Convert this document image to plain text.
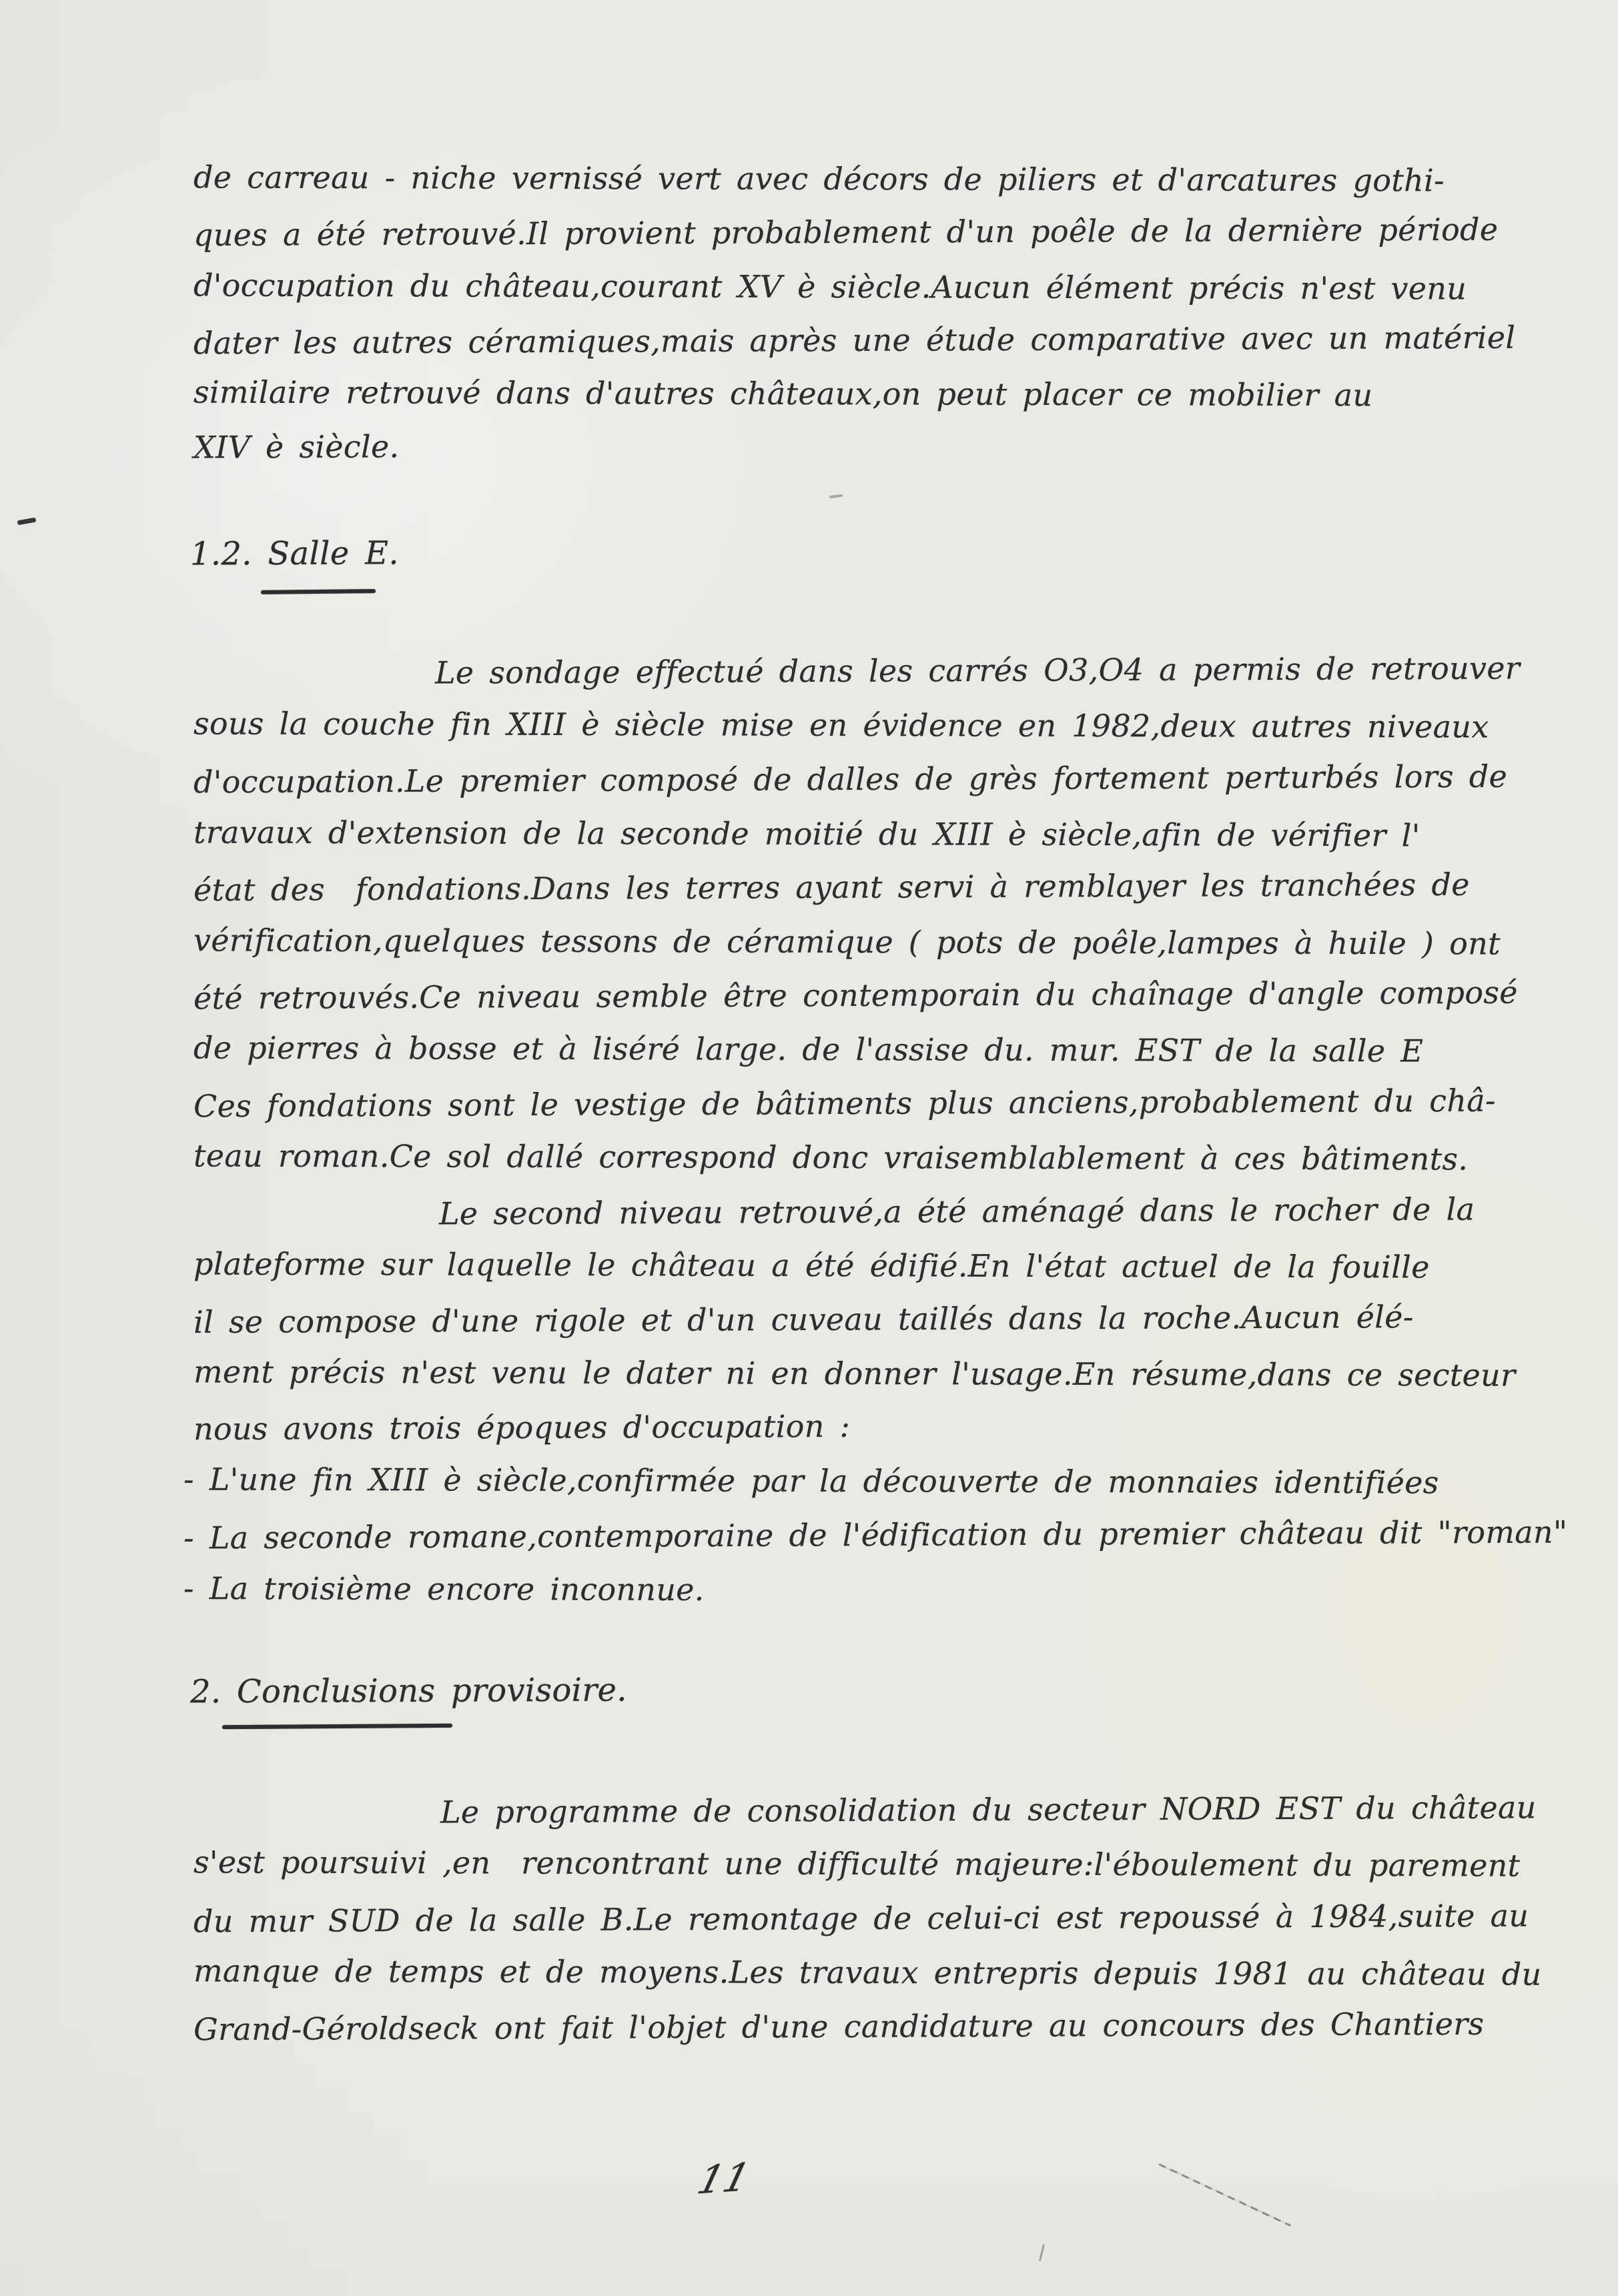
de carreau - niche vernissé vert avec décors de piliers et d'arcatures gothi-
ques a été retrouvé.Il provient probablement d'un poêle de la dernière période
d'occupation du château,courant XV è siècle.Aucun élément précis n'est venu
dater les autres céramiques,mais après une étude comparative avec un matériel
similaire retrouvé dans d'autres châteaux,on peut placer ce mobilier au
XIV è siècle.
1.2. Salle E.
Le sondage effectué dans les carrés O3,O4 a permis de retrouver
sous la couche fin XIII è siècle mise en évidence en 1982,deux autres niveaux
d'occupation.Le premier composé de dalles de grès fortement perturbés lors de
travaux d'extension de la seconde moitié du XIII è siècle,afin de vérifier l'
état des  fondations.Dans les terres ayant servi à remblayer les tranchées de
vérification,quelques tessons de céramique ( pots de poêle,lampes à huile ) ont
été retrouvés.Ce niveau semble être contemporain du chaînage d'angle composé
de pierres à bosse et à liséré large. de l'assise du. mur. EST de la salle E
Ces fondations sont le vestige de bâtiments plus anciens,probablement du châ-
teau roman.Ce sol dallé correspond donc vraisemblablement à ces bâtiments.
Le second niveau retrouvé,a été aménagé dans le rocher de la
plateforme sur laquelle le château a été édifié.En l'état actuel de la fouille
il se compose d'une rigole et d'un cuveau taillés dans la roche.Aucun élé-
ment précis n'est venu le dater ni en donner l'usage.En résume,dans ce secteur
nous avons trois époques d'occupation :
- L'une fin XIII è siècle,confirmée par la découverte de monnaies identifiées
- La seconde romane,contemporaine de l'édification du premier château dit "roman"
- La troisième encore inconnue.
2. Conclusions provisoire.
Le programme de consolidation du secteur NORD EST du château
s'est poursuivi ,en  rencontrant une difficulté majeure:l'éboulement du parement
du mur SUD de la salle B.Le remontage de celui-ci est repoussé à 1984,suite au
manque de temps et de moyens.Les travaux entrepris depuis 1981 au château du
Grand-Géroldseck ont fait l'objet d'une candidature au concours des Chantiers
11
